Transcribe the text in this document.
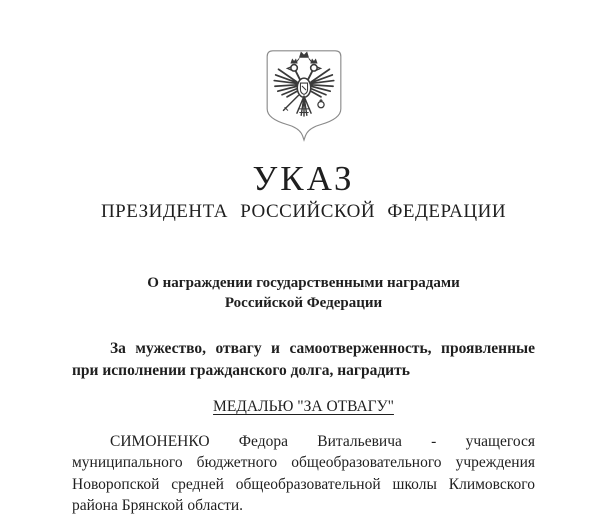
УКАЗ
ПРЕЗИДЕНТА РОССИЙСКОЙ ФЕДЕРАЦИИ
О награждении государственными наградами
Российской Федерации
За мужество, отвагу и самоотверженность, проявленные при исполнении гражданского долга, наградить
МЕДАЛЬЮ "ЗА ОТВАГУ"
СИМОНЕНКО Федора Витальевича - учащегося муниципального бюджетного общеобразовательного учреждения Новоропской средней общеобразовательной школы Климовского района Брянской области.
